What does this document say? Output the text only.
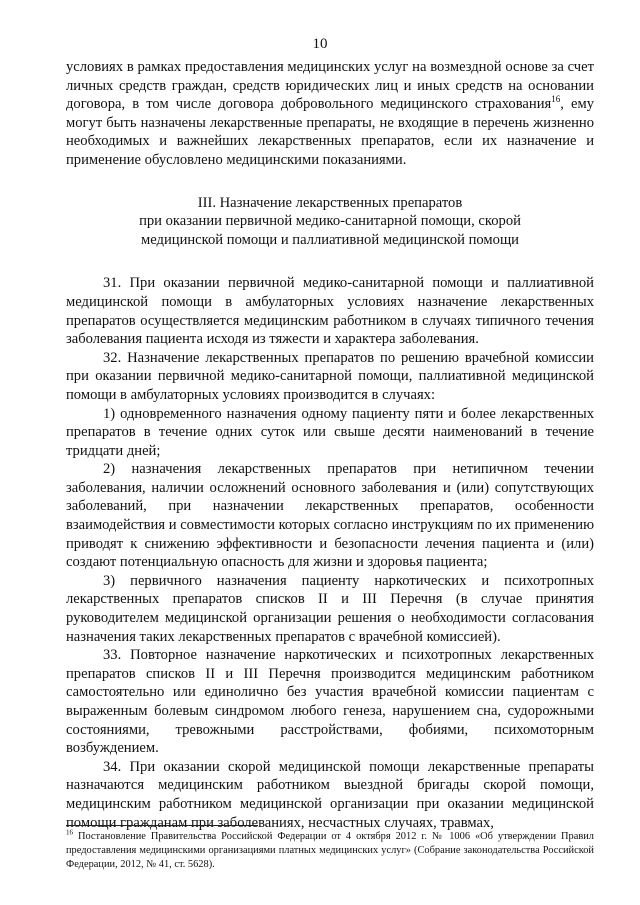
10

условиях в рамках предоставления медицинских услуг на возмездной основе за счет личных средств граждан, средств юридических лиц и иных средств на основании договора, в том числе договора добровольного медицинского страхования$^{16}$, ему могут быть назначены лекарственные препараты, не входящие в перечень жизненно необходимых и важнейших лекарственных препаратов, если их назначение и применение обусловлено медицинскими показаниями.

III. Назначение лекарственных препаратов
при оказании первичной медико-санитарной помощи, скорой
медицинской помощи и паллиативной медицинской помощи

31. При оказании первичной медико-санитарной помощи и паллиативной медицинской помощи в амбулаторных условиях назначение лекарственных препаратов осуществляется медицинским работником в случаях типичного течения заболевания пациента исходя из тяжести и характера заболевания.

32. Назначение лекарственных препаратов по решению врачебной комиссии при оказании первичной медико-санитарной помощи, паллиативной медицинской помощи в амбулаторных условиях производится в случаях:

1) одновременного назначения одному пациенту пяти и более лекарственных препаратов в течение одних суток или свыше десяти наименований в течение тридцати дней;

2) назначения лекарственных препаратов при нетипичном течении заболевания, наличии осложнений основного заболевания и (или) сопутствующих заболеваний, при назначении лекарственных препаратов, особенности взаимодействия и совместимости которых согласно инструкциям по их применению приводят к снижению эффективности и безопасности лечения пациента и (или) создают потенциальную опасность для жизни и здоровья пациента;

3) первичного назначения пациенту наркотических и психотропных лекарственных препаратов списков II и III Перечня (в случае принятия руководителем медицинской организации решения о необходимости согласования назначения таких лекарственных препаратов с врачебной комиссией).

33. Повторное назначение наркотических и психотропных лекарственных препаратов списков II и III Перечня производится медицинским работником самостоятельно или единолично без участия врачебной комиссии пациентам с выраженным болевым синдромом любого генеза, нарушением сна, судорожными состояниями, тревожными расстройствами, фобиями, психомоторным возбуждением.

34. При оказании скорой медицинской помощи лекарственные препараты назначаются медицинским работником выездной бригады скорой помощи, медицинским работником медицинской организации при оказании медицинской помощи гражданам при заболеваниях, несчастных случаях, травмах,

$^{16}$ Постановление Правительства Российской Федерации от 4 октября 2012 г. № 1006 «Об утверждении Правил предоставления медицинскими организациями платных медицинских услуг» (Собрание законодательства Российской Федерации, 2012, № 41, ст. 5628).
